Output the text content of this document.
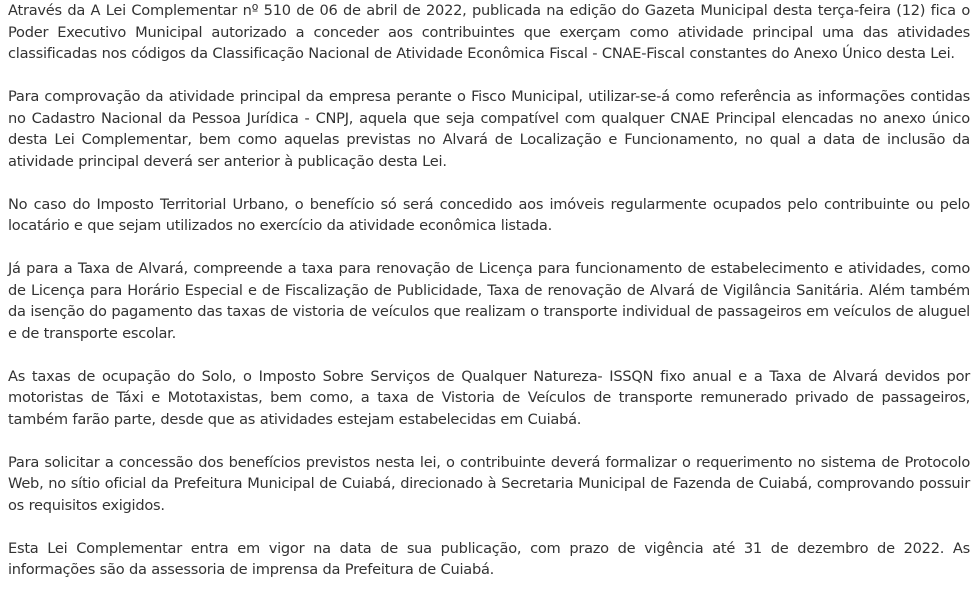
Através da A Lei Complementar nº 510 de 06 de abril de 2022, publicada na edição do Gazeta Municipal desta terça-feira (12) fica o Poder Executivo Municipal autorizado a conceder aos contribuintes que exerçam como atividade principal uma das atividades classificadas nos códigos da Classificação Nacional de Atividade Econômica Fiscal - CNAE-Fiscal constantes do Anexo Único desta Lei.

Para comprovação da atividade principal da empresa perante o Fisco Municipal, utilizar-se-á como referência as informações contidas no Cadastro Nacional da Pessoa Jurídica - CNPJ, aquela que seja compatível com qualquer CNAE Principal elencadas no anexo único desta Lei Complementar, bem como aquelas previstas no Alvará de Localização e Funcionamento, no qual a data de inclusão da atividade principal deverá ser anterior à publicação desta Lei.

No caso do Imposto Territorial Urbano, o benefício só será concedido aos imóveis regularmente ocupados pelo contribuinte ou pelo locatário e que sejam utilizados no exercício da atividade econômica listada.

Já para a Taxa de Alvará, compreende a taxa para renovação de Licença para funcionamento de estabelecimento e atividades, como de Licença para Horário Especial e de Fiscalização de Publicidade, Taxa de renovação de Alvará de Vigilância Sanitária. Além também da isenção do pagamento das taxas de vistoria de veículos que realizam o transporte individual de passageiros em veículos de aluguel e de transporte escolar.

As taxas de ocupação do Solo, o Imposto Sobre Serviços de Qualquer Natureza- ISSQN fixo anual e a Taxa de Alvará devidos por motoristas de Táxi e Mototaxistas, bem como, a taxa de Vistoria de Veículos de transporte remunerado privado de passageiros, também farão parte, desde que as atividades estejam estabelecidas em Cuiabá.

Para solicitar a concessão dos benefícios previstos nesta lei, o contribuinte deverá formalizar o requerimento no sistema de Protocolo Web, no sítio oficial da Prefeitura Municipal de Cuiabá, direcionado à Secretaria Municipal de Fazenda de Cuiabá, comprovando possuir os requisitos exigidos.

Esta Lei Complementar entra em vigor na data de sua publicação, com prazo de vigência até 31 de dezembro de 2022. As informações são da assessoria de imprensa da Prefeitura de Cuiabá.
